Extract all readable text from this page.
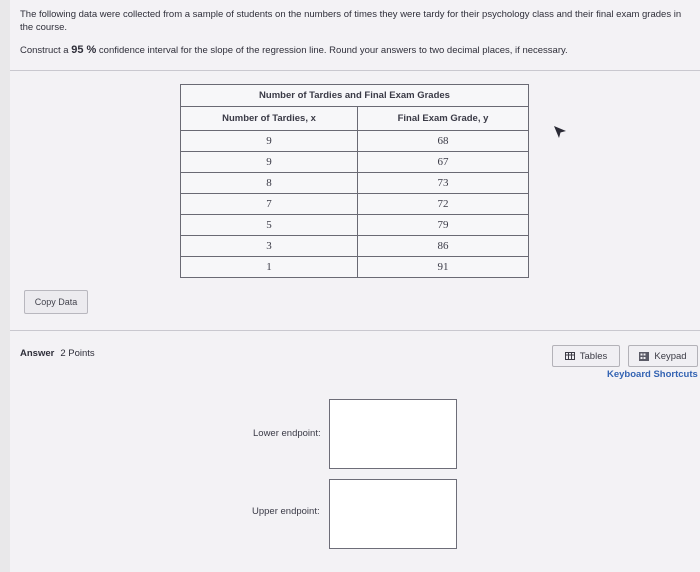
The following data were collected from a sample of students on the numbers of times they were tardy for their psychology class and their final exam grades in the course.
Construct a 95 % confidence interval for the slope of the regression line. Round your answers to two decimal places, if necessary.
Number of Tardies and Final Exam Grades	
Number of Tardies, x	Final Exam Grade, y
9	68
9	67
8	73
7	72
5	79
3	86
1	91
Copy Data
Answer 2 Points	Tables	Keypad
Keyboard Shortcuts
Lower endpoint:
Upper endpoint:
